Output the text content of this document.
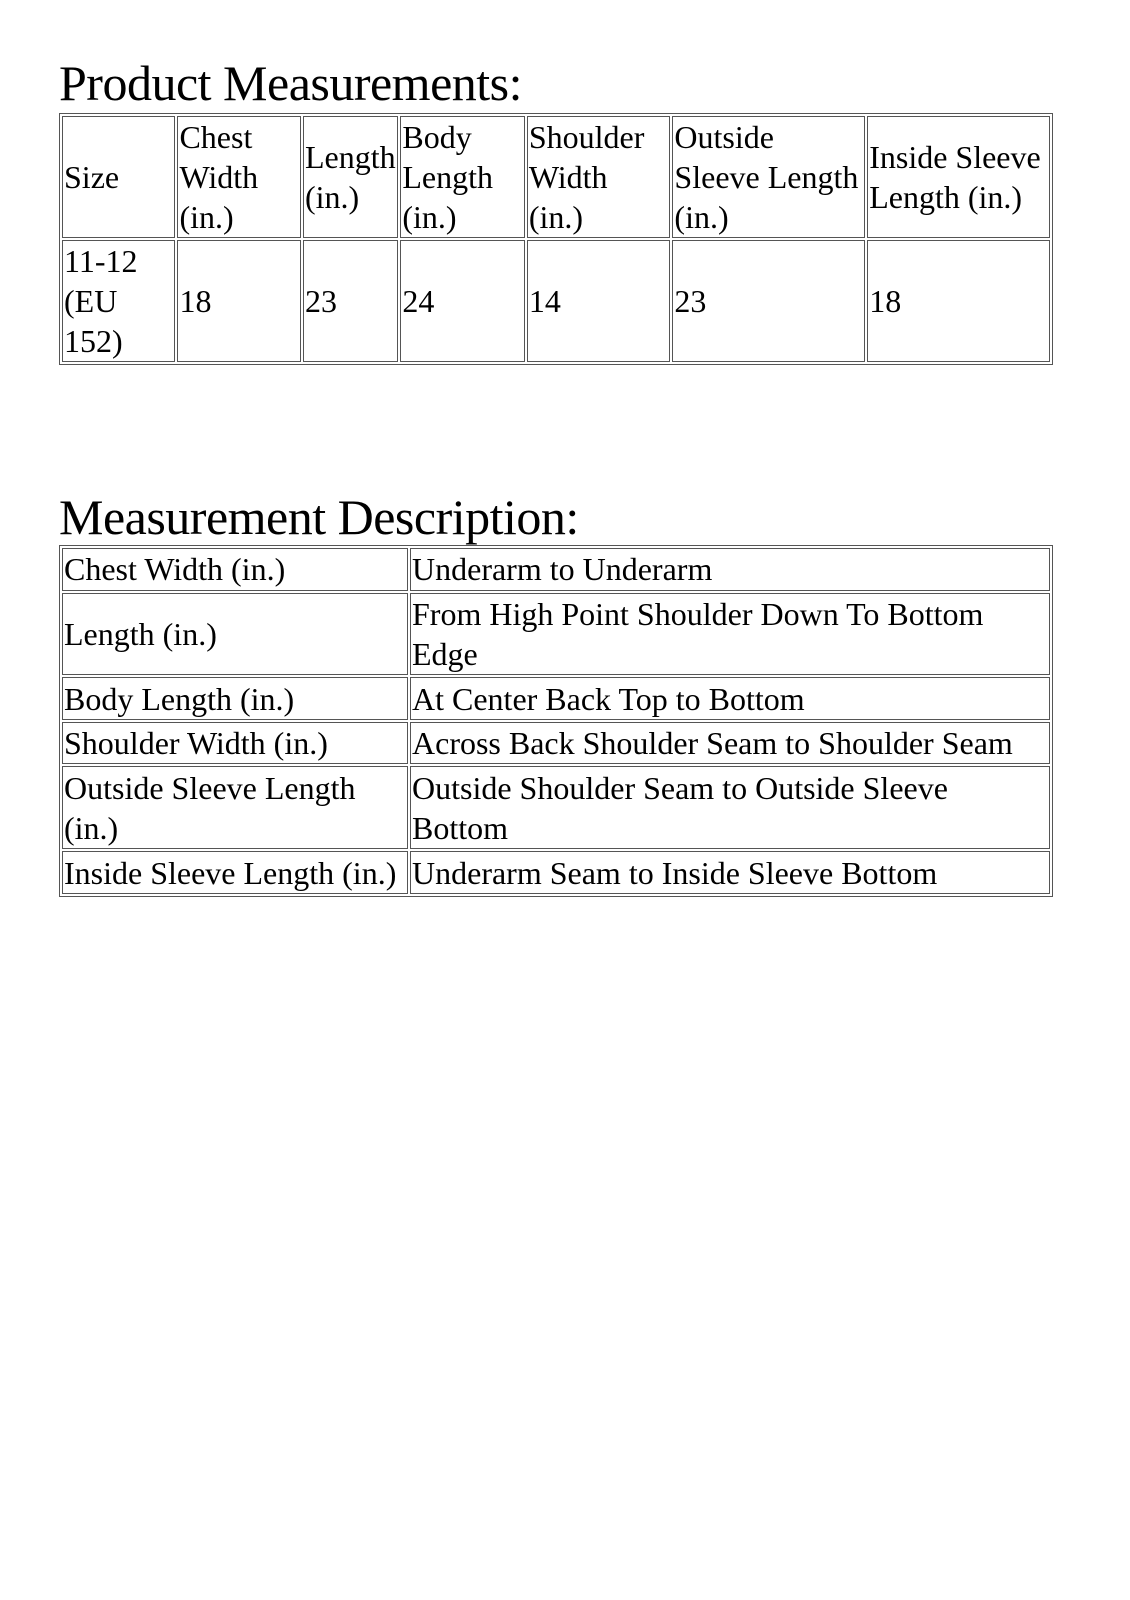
Product Measurements:
Size	Chest Width (in.)	Length (in.)	Body Length (in.)	Shoulder Width (in.)	Outside Sleeve Length (in.)	Inside Sleeve Length (in.)
11-12 (EU 152)	18	23	24	14	23	18
Measurement Description:
Chest Width (in.)	Underarm to Underarm
Length (in.)	From High Point Shoulder Down To Bottom Edge
Body Length (in.)	At Center Back Top to Bottom
Shoulder Width (in.)	Across Back Shoulder Seam to Shoulder Seam
Outside Sleeve Length (in.)	Outside Shoulder Seam to Outside Sleeve Bottom
Inside Sleeve Length (in.)	Underarm Seam to Inside Sleeve Bottom
